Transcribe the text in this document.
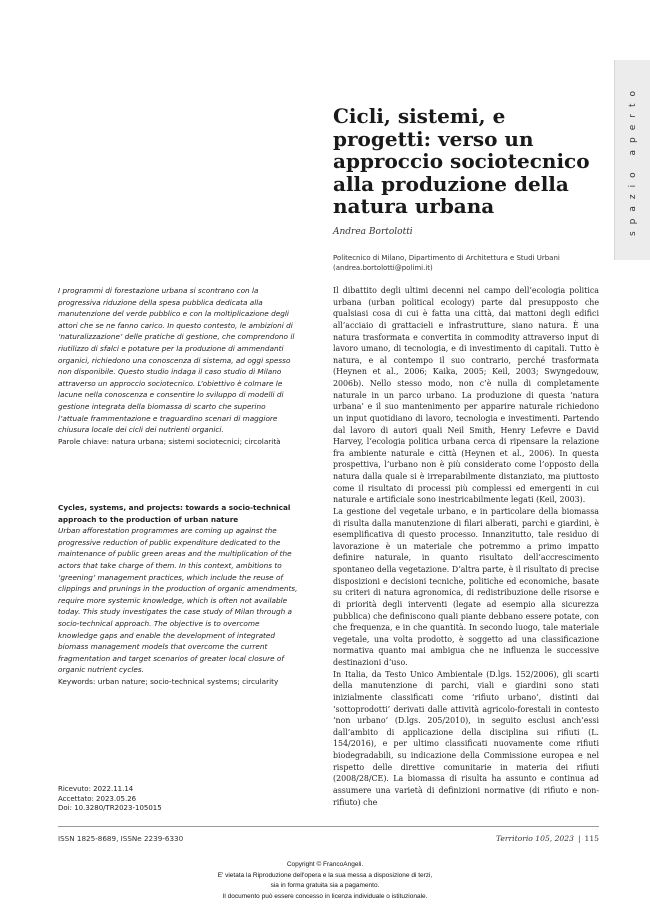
spazio aperto
Cicli, sistemi, e progetti: verso un approccio sociotecnico alla produzione della natura urbana
Andrea Bortolotti
Politecnico di Milano, Dipartimento di Architettura e Studi Urbani
(andrea.bortolotti@polimi.it)
I programmi di forestazione urbana si scontrano con la progressiva riduzione della spesa pubblica dedicata alla manutenzione del verde pubblico e con la moltiplicazione degli attori che se ne fanno carico. In questo contesto, le ambizioni di ‘naturalizzazione’ delle pratiche di gestione, che comprendono il riutilizzo di sfalci e potature per la produzione di ammendanti organici, richiedono una conoscenza di sistema, ad oggi spesso non disponibile. Questo studio indaga il caso studio di Milano attraverso un approccio sociotecnico. L’obiettivo è colmare le lacune nella conoscenza e consentire lo sviluppo di modelli di gestione integrata della biomassa di scarto che superino l’attuale frammentazione e traguardino scenari di maggiore chiusura locale dei cicli dei nutrienti organici.
Parole chiave: natura urbana; sistemi sociotecnici; circolarità
Cycles, systems, and projects: towards a socio-technical approach to the production of urban nature
Urban afforestation programmes are coming up against the progressive reduction of public expenditure dedicated to the maintenance of public green areas and the multiplication of the actors that take charge of them. In this context, ambitions to ‘greening’ management practices, which include the reuse of clippings and prunings in the production of organic amendments, require more systemic knowledge, which is often not available today. This study investigates the case study of Milan through a socio-technical approach. The objective is to overcome knowledge gaps and enable the development of integrated biomass management models that overcome the current fragmentation and target scenarios of greater local closure of organic nutrient cycles.
Keywords: urban nature; socio-technical systems; circularity
Ricevuto: 2022.11.14
Accettato: 2023.05.26
Doi: 10.3280/TR2023-105015

Il dibattito degli ultimi decenni nel campo dell’ecologia politica urbana (urban political ecology) parte dal presupposto che qualsiasi cosa di cui è fatta una città, dai mattoni degli edifici all’acciaio di grattacieli e infrastrutture, siano natura. È una natura trasformata e convertita in commodity attraverso input di lavoro umano, di tecnologia, e di investimento di capitali. Tutto è natura, e al contempo il suo contrario, perché trasformata (Heynen et al., 2006; Kaika, 2005; Keil, 2003; Swyngedouw, 2006b). Nello stesso modo, non c’è nulla di completamente naturale in un parco urbano. La produzione di questa ‘natura urbana’ e il suo mantenimento per apparire naturale richiedono un input quotidiano di lavoro, tecnologia e investimenti. Partendo dal lavoro di autori quali Neil Smith, Henry Lefevre e David Harvey, l’ecologia politica urbana cerca di ripensare la relazione fra ambiente naturale e città (Heynen et al., 2006). In questa prospettiva, l’urbano non è più considerato come l’opposto della natura dalla quale si è irreparabilmente distanziato, ma piuttosto come il risultato di processi più complessi ed emergenti in cui naturale e artificiale sono inestricabilmente legati (Keil, 2003).

La gestione del vegetale urbano, e in particolare della biomassa di risulta dalla manutenzione di filari alberati, parchi e giardini, è esemplificativa di questo processo. Innanzitutto, tale residuo di lavorazione è un materiale che potremmo a primo impatto definire naturale, in quanto risultato dell’accrescimento spontaneo della vegetazione. D’altra parte, è il risultato di precise disposizioni e decisioni tecniche, politiche ed economiche, basate su criteri di natura agronomica, di redistribuzione delle risorse e di priorità degli interventi (legate ad esempio alla sicurezza pubblica) che definiscono quali piante debbano essere potate, con che frequenza, e in che quantità. In secondo luogo, tale materiale vegetale, una volta prodotto, è soggetto ad una classificazione normativa quanto mai ambigua che ne influenza le successive destinazioni d’uso.

In Italia, da Testo Unico Ambientale (D.lgs. 152/2006), gli scarti della manutenzione di parchi, viali e giardini sono stati inizialmente classificati come ‘rifiuto urbano’, distinti dai ‘sottoprodotti’ derivati dalle attività agricolo-forestali in contesto ‘non urbano’ (D.lgs. 205/2010), in seguito esclusi anch’essi dall’ambito di applicazione della disciplina sui rifiuti (L. 154/2016), e per ultimo classificati nuovamente come rifiuti biodegradabili, su indicazione della Commissione europea e nel rispetto delle direttive comunitarie in materia dei rifiuti (2008/28/CE). La biomassa di risulta ha assunto e continua ad assumere una varietà di definizioni normative (di rifiuto e non-rifiuto) che

ISSN 1825-8689, ISSNe 2239-6330	Territorio 105, 2023 | 115
Copyright © FrancoAngeli.
E' vietata la Riproduzione dell'opera e la sua messa a disposizione di terzi,
sia in forma gratuita sia a pagamento.
Il documento può essere concesso in licenza individuale o istituzionale.
